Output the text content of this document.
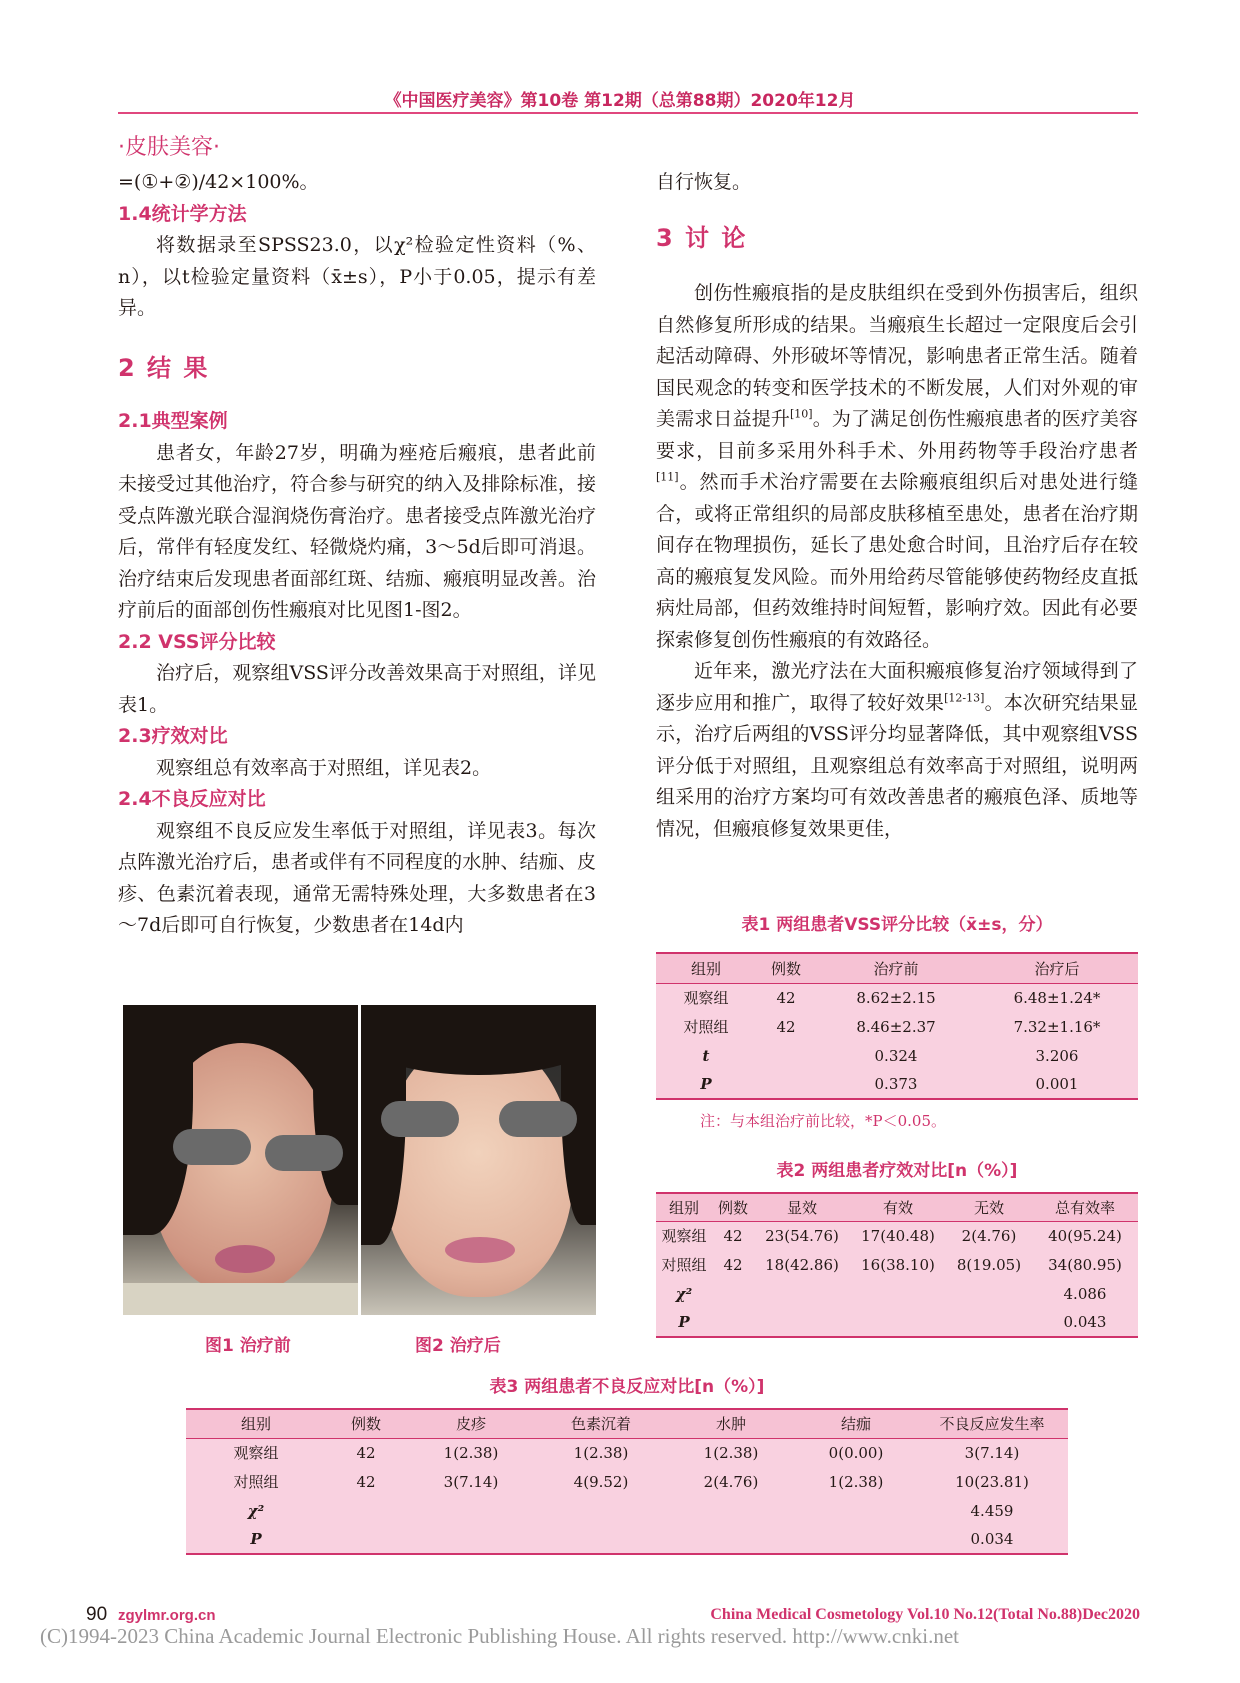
《中国医疗美容》第10卷 第12期（总第88期）2020年12月
·皮肤美容·

=(①+②)/42×100%。

1.4统计学方法

将数据录至SPSS23.0，以χ²检验定性资料（%、n），以t检验定量资料（x̄±s），P小于0.05，提示有差异。

2 结 果

2.1典型案例

患者女，年龄27岁，明确为痤疮后瘢痕，患者此前未接受过其他治疗，符合参与研究的纳入及排除标准，接受点阵激光联合湿润烧伤膏治疗。患者接受点阵激光治疗后，常伴有轻度发红、轻微烧灼痛，3～5d后即可消退。治疗结束后发现患者面部红斑、结痂、瘢痕明显改善。治疗前后的面部创伤性瘢痕对比见图1-图2。

2.2 VSS评分比较

治疗后，观察组VSS评分改善效果高于对照组，详见表1。

2.3疗效对比

观察组总有效率高于对照组，详见表2。

2.4不良反应对比

观察组不良反应发生率低于对照组，详见表3。每次点阵激光治疗后，患者或伴有不同程度的水肿、结痂、皮疹、色素沉着表现，通常无需特殊处理，大多数患者在3～7d后即可自行恢复，少数患者在14d内

自行恢复。

3 讨 论

创伤性瘢痕指的是皮肤组织在受到外伤损害后，组织自然修复所形成的结果。当瘢痕生长超过一定限度后会引起活动障碍、外形破坏等情况，影响患者正常生活。随着国民观念的转变和医学技术的不断发展，人们对外观的审美需求日益提升[10]。为了满足创伤性瘢痕患者的医疗美容要求，目前多采用外科手术、外用药物等手段治疗患者[11]。然而手术治疗需要在去除瘢痕组织后对患处进行缝合，或将正常组织的局部皮肤移植至患处，患者在治疗期间存在物理损伤，延长了患处愈合时间，且治疗后存在较高的瘢痕复发风险。而外用给药尽管能够使药物经皮直抵病灶局部，但药效维持时间短暂，影响疗效。因此有必要探索修复创伤性瘢痕的有效路径。

近年来，激光疗法在大面积瘢痕修复治疗领域得到了逐步应用和推广，取得了较好效果[12-13]。本次研究结果显示，治疗后两组的VSS评分均显著降低，其中观察组VSS评分低于对照组，且观察组总有效率高于对照组，说明两组采用的治疗方案均可有效改善患者的瘢痕色泽、质地等情况，但瘢痕修复效果更佳，

图1 治疗前	图2 治疗后
表1 两组患者VSS评分比较（x̄±s，分）
组别	例数	治疗前	治疗后
观察组	42	8.62±2.15	6.48±1.24*
对照组	42	8.46±2.37	7.32±1.16*
t		0.324	3.206
P		0.373	0.001
注：与本组治疗前比较，*P＜0.05。
表2 两组患者疗效对比[n（%）]
组别	例数	显效	有效	无效	总有效率
观察组	42	23(54.76)	17(40.48)	2(4.76)	40(95.24)
对照组	42	18(42.86)	16(38.10)	8(19.05)	34(80.95)
χ²					4.086
P					0.043
表3 两组患者不良反应对比[n（%）]
组别	例数	皮疹	色素沉着	水肿	结痂	不良反应发生率
观察组	42	1(2.38)	1(2.38)	1(2.38)	0(0.00)	3(7.14)
对照组	42	3(7.14)	4(9.52)	2(4.76)	1(2.38)	10(23.81)
χ²						4.459
P						0.034
90 zgylmr.org.cn	China Medical Cosmetology Vol.10 No.12(Total No.88)Dec2020
(C)1994-2023 China Academic Journal Electronic Publishing House. All rights reserved. http://www.cnki.net
